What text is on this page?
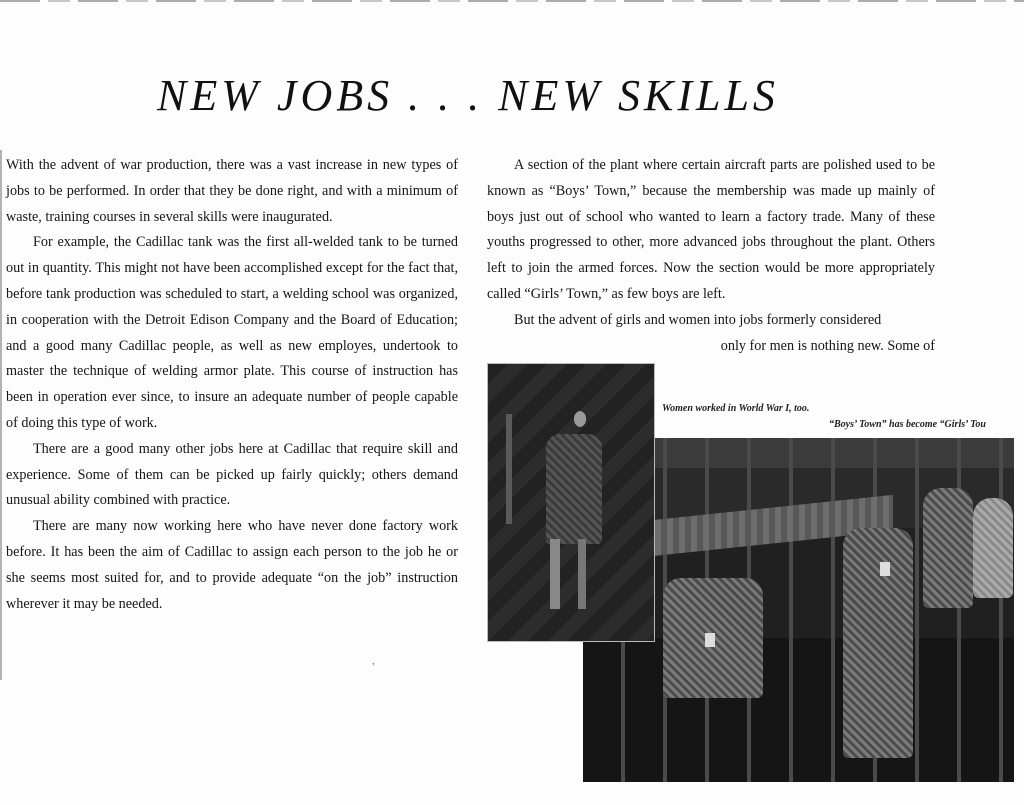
NEW JOBS . . . NEW SKILLS

With the advent of war production, there was a vast increase in new types of jobs to be performed. In order that they be done right, and with a minimum of waste, training courses in several skills were inaugurated.

For example, the Cadillac tank was the first all-welded tank to be turned out in quantity. This might not have been accomplished except for the fact that, before tank production was scheduled to start, a welding school was organized, in cooperation with the Detroit Edison Company and the Board of Education; and a good many Cadillac people, as well as new employes, undertook to master the technique of welding armor plate. This course of instruction has been in operation ever since, to insure an adequate number of people capable of doing this type of work.

There are a good many other jobs here at Cadillac that require skill and experience. Some of them can be picked up fairly quickly; others demand unusual ability combined with practice.

There are many now working here who have never done factory work before. It has been the aim of Cadillac to assign each person to the job he or she seems most suited for, and to provide adequate “on the job” instruction wherever it may be needed.

,

A section of the plant where certain aircraft parts are polished used to be known as “Boys’ Town,” because the membership was made up mainly of boys just out of school who wanted to learn a factory trade. Many of these youths progressed to other, more advanced jobs throughout the plant. Others left to join the armed forces. Now the section would be more appropriately called “Girls’ Town,” as few boys are left.

But the advent of girls and women into jobs formerly considered

only for men is nothing new. Some of

Women worked in World War I, too.
“Boys’ Town” has become “Girls’ Tou
